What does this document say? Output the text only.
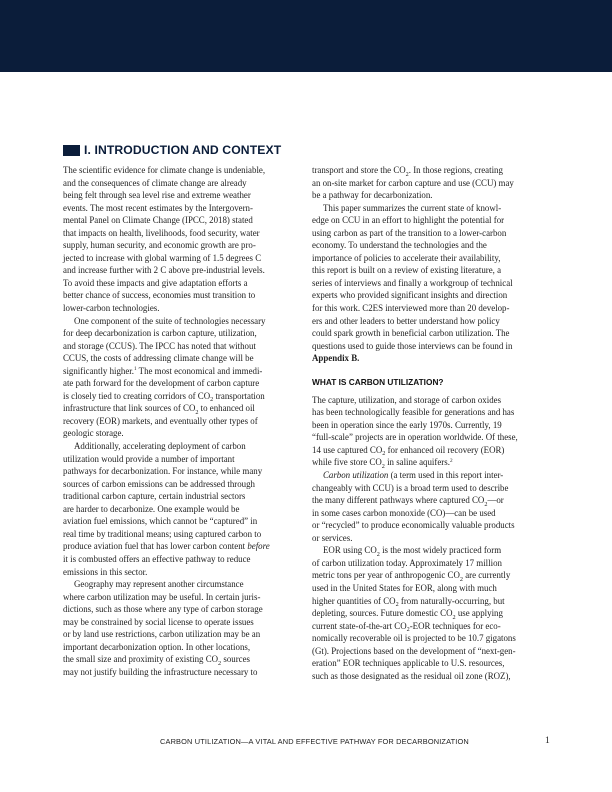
I. INTRODUCTION AND CONTEXT
The scientific evidence for climate change is undeniable,
and the consequences of climate change are already
being felt through sea level rise and extreme weather
events. The most recent estimates by the Intergovern-
mental Panel on Climate Change (IPCC, 2018) stated
that impacts on health, livelihoods, food security, water
supply, human security, and economic growth are pro-
jected to increase with global warming of 1.5 degrees C
and increase further with 2 C above pre-industrial levels.
To avoid these impacts and give adaptation efforts a
better chance of success, economies must transition to
lower-carbon technologies.
One component of the suite of technologies necessary
for deep decarbonization is carbon capture, utilization,
and storage (CCUS). The IPCC has noted that without
CCUS, the costs of addressing climate change will be
significantly higher.$^1$ The most economical and immedi-
ate path forward for the development of carbon capture
is closely tied to creating corridors of $CO_2$ transportation
infrastructure that link sources of $CO_2$ to enhanced oil
recovery (EOR) markets, and eventually other types of
geologic storage.
Additionally, accelerating deployment of carbon
utilization would provide a number of important
pathways for decarbonization. For instance, while many
sources of carbon emissions can be addressed through
traditional carbon capture, certain industrial sectors
are harder to decarbonize. One example would be
aviation fuel emissions, which cannot be “captured” in
real time by traditional means; using captured carbon to
produce aviation fuel that has lower carbon content before
it is combusted offers an effective pathway to reduce
emissions in this sector.
Geography may represent another circumstance
where carbon utilization may be useful. In certain juris-
dictions, such as those where any type of carbon storage
may be constrained by social license to operate issues
or by land use restrictions, carbon utilization may be an
important decarbonization option. In other locations,
the small size and proximity of existing $CO_2$ sources
may not justify building the infrastructure necessary to
transport and store the $CO_2$. In those regions, creating
an on-site market for carbon capture and use (CCU) may
be a pathway for decarbonization.
This paper summarizes the current state of knowl-
edge on CCU in an effort to highlight the potential for
using carbon as part of the transition to a lower-carbon
economy. To understand the technologies and the
importance of policies to accelerate their availability,
this report is built on a review of existing literature, a
series of interviews and finally a workgroup of technical
experts who provided significant insights and direction
for this work. C2ES interviewed more than 20 develop-
ers and other leaders to better understand how policy
could spark growth in beneficial carbon utilization. The
questions used to guide those interviews can be found in
Appendix B.
WHAT IS CARBON UTILIZATION?
The capture, utilization, and storage of carbon oxides
has been technologically feasible for generations and has
been in operation since the early 1970s. Currently, 19
“full-scale” projects are in operation worldwide. Of these,
14 use captured $CO_2$ for enhanced oil recovery (EOR)
while five store $CO_2$ in saline aquifers.$^2$
Carbon utilization (a term used in this report inter-
changeably with CCU) is a broad term used to describe
the many different pathways where captured $CO_2—or$
in some cases carbon monoxide (CO)—can be used
or “recycled” to produce economically valuable products
or services.
EOR using $CO_2$ is the most widely practiced form
of carbon utilization today. Approximately 17 million
metric tons per year of anthropogenic $CO_2$ are currently
used in the United States for EOR, along with much
higher quantities of $CO_2$ from naturally-occurring, but
depleting, sources. Future domestic $CO_2$ use applying
current state-of-the-art $CO_2$-EOR techniques for eco-
nomically recoverable oil is projected to be 10.7 gigatons
(Gt). Projections based on the development of “next-gen-
eration” EOR techniques applicable to U.S. resources,
such as those designated as the residual oil zone (ROZ),
CARBON UTILIZATION—A VITAL AND EFFECTIVE PATHWAY FOR DECARBONIZATION	1
